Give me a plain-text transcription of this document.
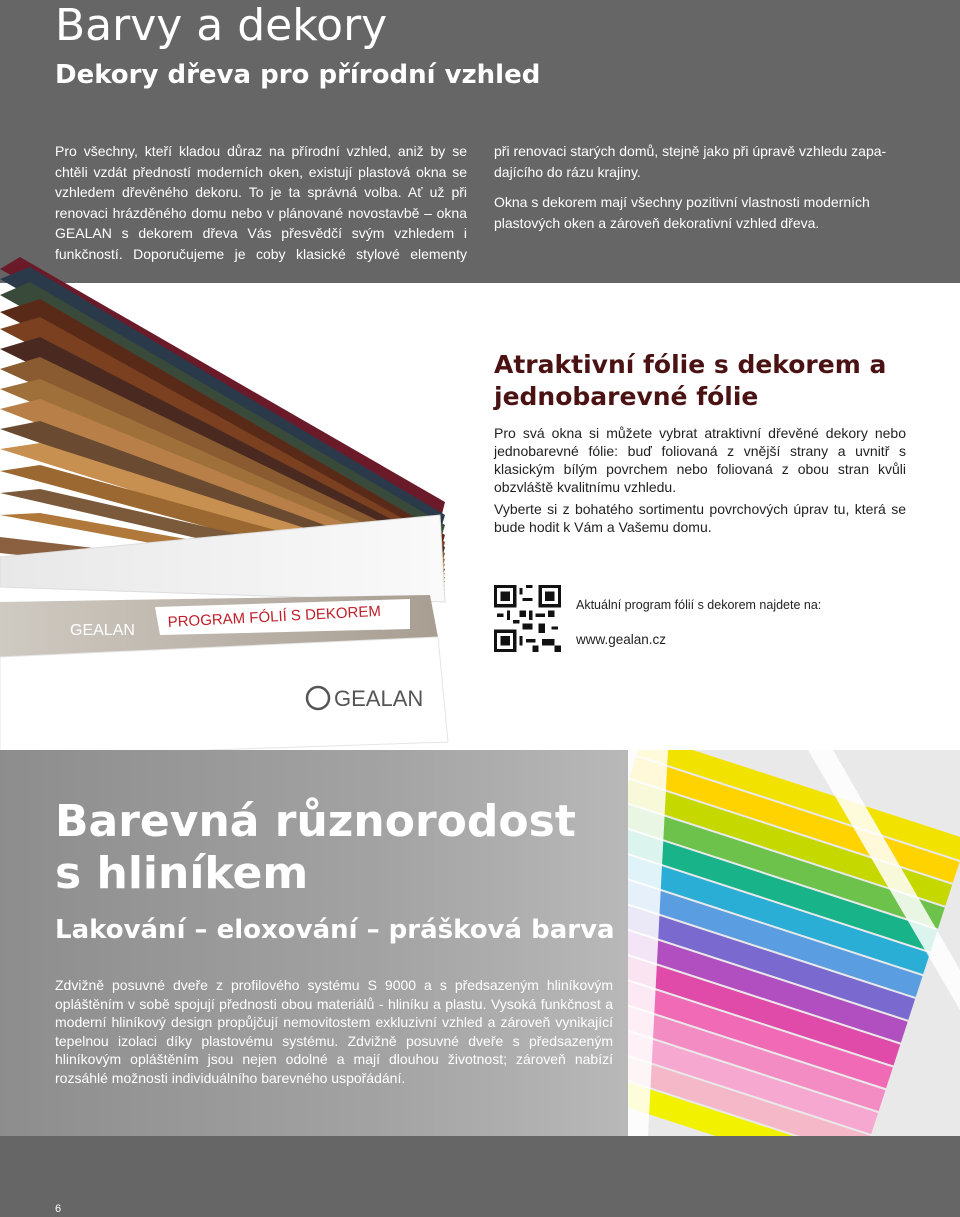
Barvy a dekory
Dekory dřeva pro přírodní vzhled

Pro všechny, kteří kladou důraz na přírodní vzhled, aniž by se chtěli vzdát předností moderních oken, existují plastová okna se vzhledem dřevěného dekoru. To je ta správná volba. Ať už při renovaci hrázděného domu nebo v plánované novostavbě – okna GEALAN s dekorem dřeva Vás přesvědčí svým vzhledem i funkčností. Doporučujeme je coby klasické stylové elementy

při renovaci starých domů, stejně jako při úpravě vzhledu zapadajícího do rázu krajiny.

Okna s dekorem mají všechny pozitivní vlastnosti moderních plastových oken a zároveň dekorativní vzhled dřeva.

GEALAN PROGRAM FÓLIÍ S DEKOREM
GEALAN
Atraktivní fólie s dekorem a jednobarevné fólie

Pro svá okna si můžete vybrat atraktivní dřevěné dekory nebo jednobarevné fólie: buď foliovaná z vnější strany a uvnitř s klasickým bílým povrchem nebo foliovaná z obou stran kvůli obzvláště kvalitnímu vzhledu.

Vyberte si z bohatého sortimentu povrchových úprav tu, která se bude hodit k Vám a Vašemu domu.

Aktuální program fólií s dekorem najdete na:

www.gealan.cz

Barevná různorodost s hliníkem
Lakování – eloxování – prášková barva

Zdvižně posuvné dveře z profilového systému S 9000 a s předsazeným hliníkovým opláštěním v sobě spojují přednosti obou materiálů - hliníku a plastu. Vysoká funkčnost a moderní hliníkový design propůjčují nemovitostem exkluzivní vzhled a zároveň vynikající tepelnou izolaci díky plastovému systému. Zdvižně posuvné dveře s předsazeným hliníkovým opláštěním jsou nejen odolné a mají dlouhou životnost; zároveň nabízí rozsáhlé možnosti individuálního barevného uspořádání.

6
